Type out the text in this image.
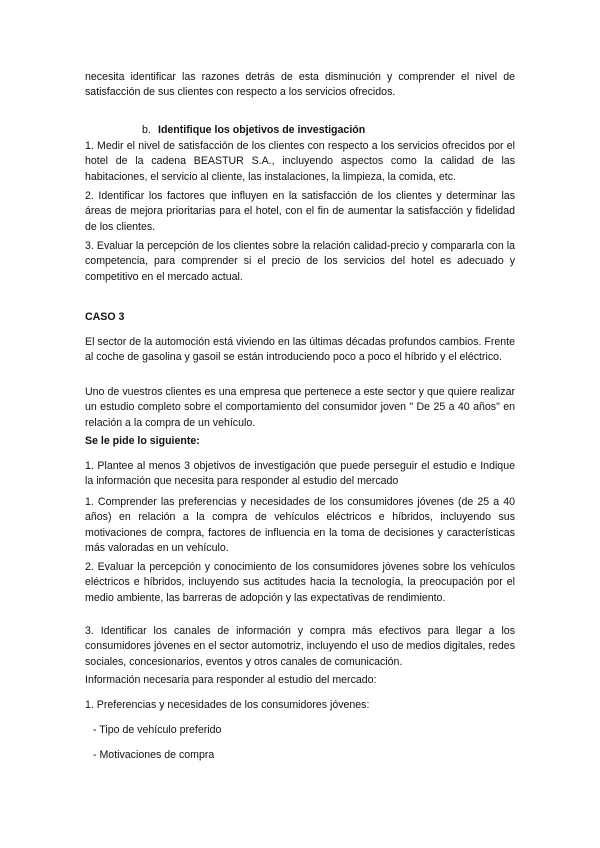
necesita identificar las razones detrás de esta disminución y comprender el nivel de satisfacción de sus clientes con respecto a los servicios ofrecidos.

b. Identifique los objetivos de investigación

1. Medir el nivel de satisfacción de los clientes con respecto a los servicios ofrecidos por el hotel de la cadena BEASTUR S.A., incluyendo aspectos como la calidad de las habitaciones, el servicio al cliente, las instalaciones, la limpieza, la comida, etc.

2. Identificar los factores que influyen en la satisfacción de los clientes y determinar las áreas de mejora prioritarias para el hotel, con el fin de aumentar la satisfacción y fidelidad de los clientes.

3. Evaluar la percepción de los clientes sobre la relación calidad-precio y compararla con la competencia, para comprender si el precio de los servicios del hotel es adecuado y competitivo en el mercado actual.

CASO 3

El sector de la automoción está viviendo en las últimas décadas profundos cambios. Frente al coche de gasolina y gasoil se están introduciendo poco a poco el híbrido y el eléctrico.

Uno de vuestros clientes es una empresa que pertenece a este sector y que quiere realizar un estudio completo sobre el comportamiento del consumidor joven " De 25 a 40 años" en relación a la compra de un vehículo.

Se le pide lo siguiente:

1. Plantee al menos 3 objetivos de investigación que puede perseguir el estudio e Indique la información que necesita para responder al estudio del mercado

1. Comprender las preferencias y necesidades de los consumidores jóvenes (de 25 a 40 años) en relación a la compra de vehículos eléctricos e híbridos, incluyendo sus motivaciones de compra, factores de influencia en la toma de decisiones y características más valoradas en un vehículo.

2. Evaluar la percepción y conocimiento de los consumidores jóvenes sobre los vehículos eléctricos e híbridos, incluyendo sus actitudes hacia la tecnología, la preocupación por el medio ambiente, las barreras de adopción y las expectativas de rendimiento.

3. Identificar los canales de información y compra más efectivos para llegar a los consumidores jóvenes en el sector automotriz, incluyendo el uso de medios digitales, redes sociales, concesionarios, eventos y otros canales de comunicación.

Información necesaria para responder al estudio del mercado:

1. Preferencias y necesidades de los consumidores jóvenes:

- Tipo de vehículo preferido

- Motivaciones de compra
